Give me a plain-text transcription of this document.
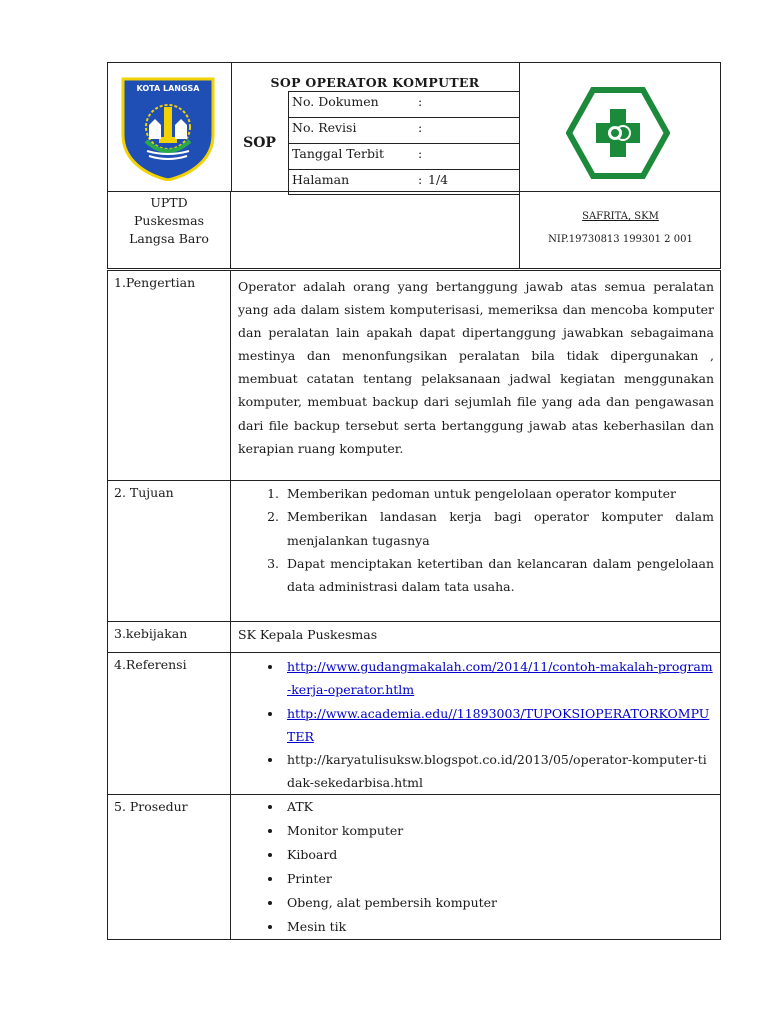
KOTA LANGSA	SOP OPERATOR KOMPUTER
SOP
No. Dokumen	:
No. Revisi	:
Tanggal Terbit	:
Halaman	: 1/4
UPTD
Puskesmas
Langsa Baro
SAFRITA, SKM
NIP.19730813 199301 2 001
1.Pengertian	Operator adalah orang yang bertanggung jawab atas semua peralatan yang ada dalam sistem komputerisasi, memeriksa dan mencoba komputer dan peralatan lain apakah dapat dipertanggung jawabkan sebagaimana mestinya dan menonfungsikan peralatan bila tidak dipergunakan , membuat catatan tentang pelaksanaan jadwal kegiatan menggunakan komputer, membuat backup dari sejumlah file yang ada dan pengawasan dari file backup tersebut serta bertanggung jawab atas keberhasilan dan kerapian ruang komputer.
2. Tujuan	1. Memberikan pedoman untuk pengelolaan operator komputer
2. Memberikan landasan kerja bagi operator komputer dalam menjalankan tugasnya
3. Dapat menciptakan ketertiban dan kelancaran dalam pengelolaan data administrasi dalam tata usaha.
3.kebijakan	SK Kepala Puskesmas
4.Referensi	• http://www.gudangmakalah.com/2014/11/contoh-makalah-program-kerja-operator.htlm
• http://www.academia.edu//11893003/TUPOKSIOPERATORKOMPUTER
• http://karyatulisuksw.blogspot.co.id/2013/05/operator-komputer-tidak-sekedarbisa.html
5. Prosedur	• ATK
• Monitor komputer
• Kiboard
• Printer
• Obeng, alat pembersih komputer
• Mesin tik
